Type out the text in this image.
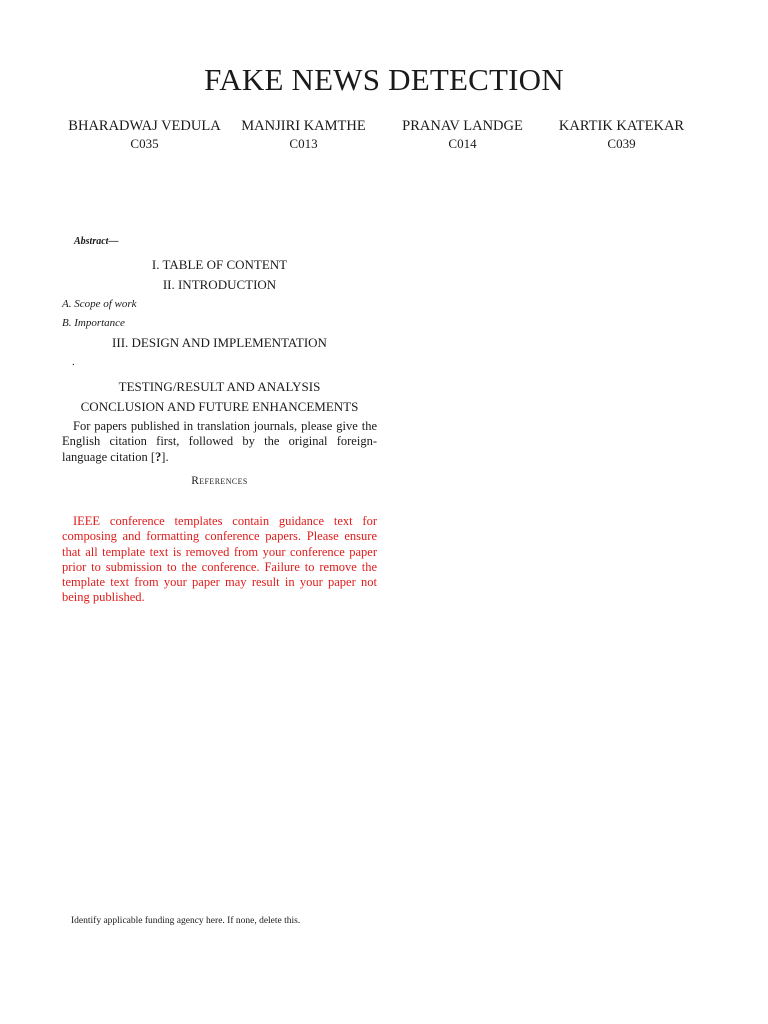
FAKE NEWS DETECTION
BHARADWAJ VEDULA
C035
MANJIRI KAMTHE
C013
PRANAV LANDGE
C014
KARTIK KATEKAR
C039
Abstract—
I. TABLE OF CONTENT
II. INTRODUCTION
A. Scope of work
B. Importance
III. DESIGN AND IMPLEMENTATION
.
TESTING/RESULT AND ANALYSIS
CONCLUSION AND FUTURE ENHANCEMENTS
For papers published in translation journals, please give the English citation first, followed by the original foreign-language citation [?].
References
IEEE conference templates contain guidance text for composing and formatting conference papers. Please ensure that all template text is removed from your conference paper prior to submission to the conference. Failure to remove the template text from your paper may result in your paper not being published.
Identify applicable funding agency here. If none, delete this.
